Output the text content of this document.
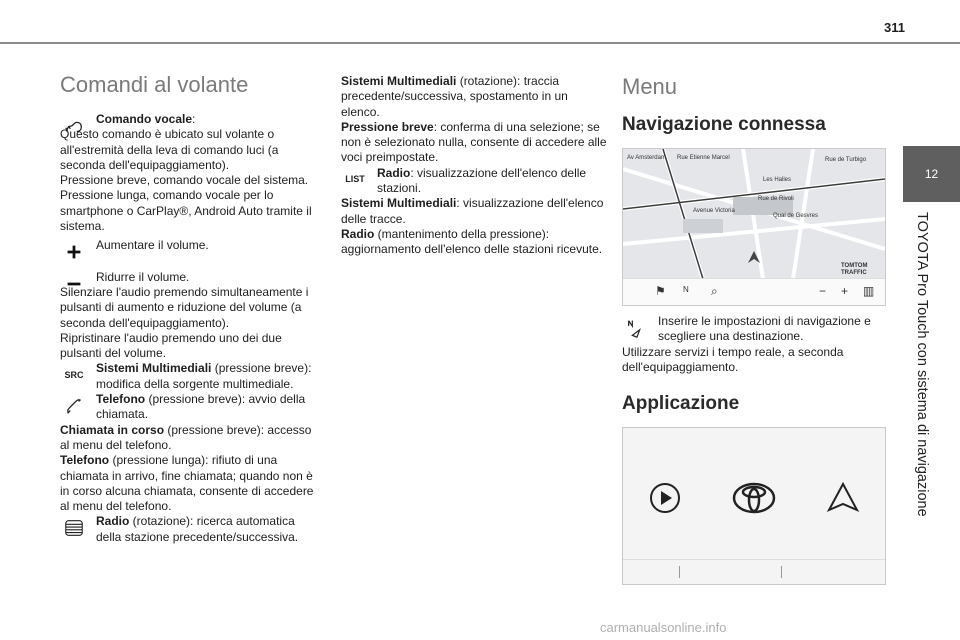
311
12
TOYOTA Pro Touch con sistema di navigazione
Comandi al volante

Comando vocale:

Questo comando è ubicato sul volante o all'estremità della leva di comando luci (a seconda dell'equipaggiamento).

Pressione breve, comando vocale del sistema.

Pressione lunga, comando vocale per lo smartphone o CarPlay®, Android Auto tramite il sistema.

Aumentare il volume.

Ridurre il volume.

Silenziare l'audio premendo simultaneamente i pulsanti di aumento e riduzione del volume (a seconda dell'equipaggiamento).

Ripristinare l'audio premendo uno dei due pulsanti del volume.

SRC Sistemi Multimediali (pressione breve): modifica della sorgente multimediale.

Telefono (pressione breve): avvio della chiamata.

Chiamata in corso (pressione breve): accesso al menu del telefono.

Telefono (pressione lunga): rifiuto di una chiamata in arrivo, fine chiamata; quando non è in corso alcuna chiamata, consente di accedere al menu del telefono.

Radio (rotazione): ricerca automatica della stazione precedente/successiva.

Sistemi Multimediali (rotazione): traccia precedente/successiva, spostamento in un elenco.

Pressione breve: conferma di una selezione; se non è selezionato nulla, consente di accedere alle voci preimpostate.

LIST Radio: visualizzazione dell'elenco delle stazioni.

Sistemi Multimediali: visualizzazione dell'elenco delle tracce.

Radio (mantenimento della pressione): aggiornamento dell'elenco delle stazioni ricevute.

Menu
Navigazione connessa
Av Amsterdam Rue Etienne Marcel	Rue de Turbigo
Les Halles
Rue de Rivoli
Avenue Victoria
Quai de Gesvres
TOMTOM TRAFFIC
⚑ N ⌕	− + ▥

Inserire le impostazioni di navigazione e scegliere una destinazione.

Utilizzare servizi i tempo reale, a seconda dell'equipaggiamento.

Applicazione
carmanualsonline.info
